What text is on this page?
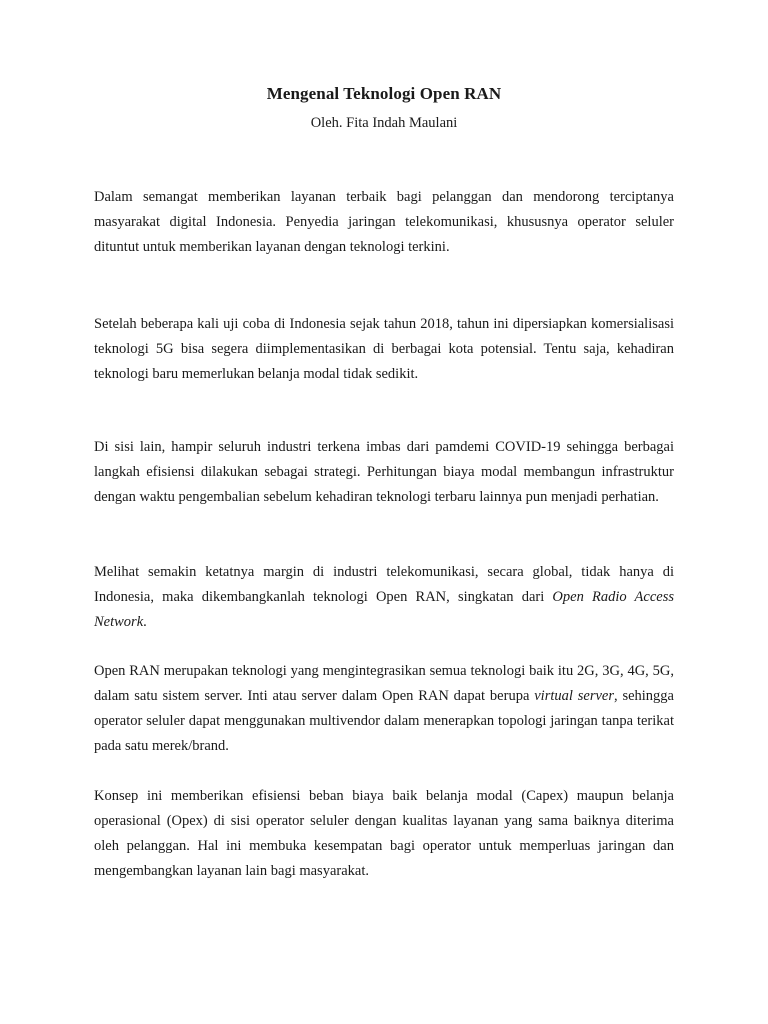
Mengenal Teknologi Open RAN

Oleh. Fita Indah Maulani

Dalam semangat memberikan layanan terbaik bagi pelanggan dan mendorong terciptanya masyarakat digital Indonesia. Penyedia jaringan telekomunikasi, khususnya operator seluler dituntut untuk memberikan layanan dengan teknologi terkini.

Setelah beberapa kali uji coba di Indonesia sejak tahun 2018, tahun ini dipersiapkan komersialisasi teknologi 5G bisa segera diimplementasikan di berbagai kota potensial. Tentu saja, kehadiran teknologi baru memerlukan belanja modal tidak sedikit.

Di sisi lain, hampir seluruh industri terkena imbas dari pamdemi COVID-19 sehingga berbagai langkah efisiensi dilakukan sebagai strategi. Perhitungan biaya modal membangun infrastruktur dengan waktu pengembalian sebelum kehadiran teknologi terbaru lainnya pun menjadi perhatian.

Melihat semakin ketatnya margin di industri telekomunikasi, secara global, tidak hanya di Indonesia, maka dikembangkanlah teknologi Open RAN, singkatan dari Open Radio Access Network.

Open RAN merupakan teknologi yang mengintegrasikan semua teknologi baik itu 2G, 3G, 4G, 5G, dalam satu sistem server. Inti atau server dalam Open RAN dapat berupa virtual server, sehingga operator seluler dapat menggunakan multivendor dalam menerapkan topologi jaringan tanpa terikat pada satu merek/brand.

Konsep ini memberikan efisiensi beban biaya baik belanja modal (Capex) maupun belanja operasional (Opex) di sisi operator seluler dengan kualitas layanan yang sama baiknya diterima oleh pelanggan. Hal ini membuka kesempatan bagi operator untuk memperluas jaringan dan mengembangkan layanan lain bagi masyarakat.
